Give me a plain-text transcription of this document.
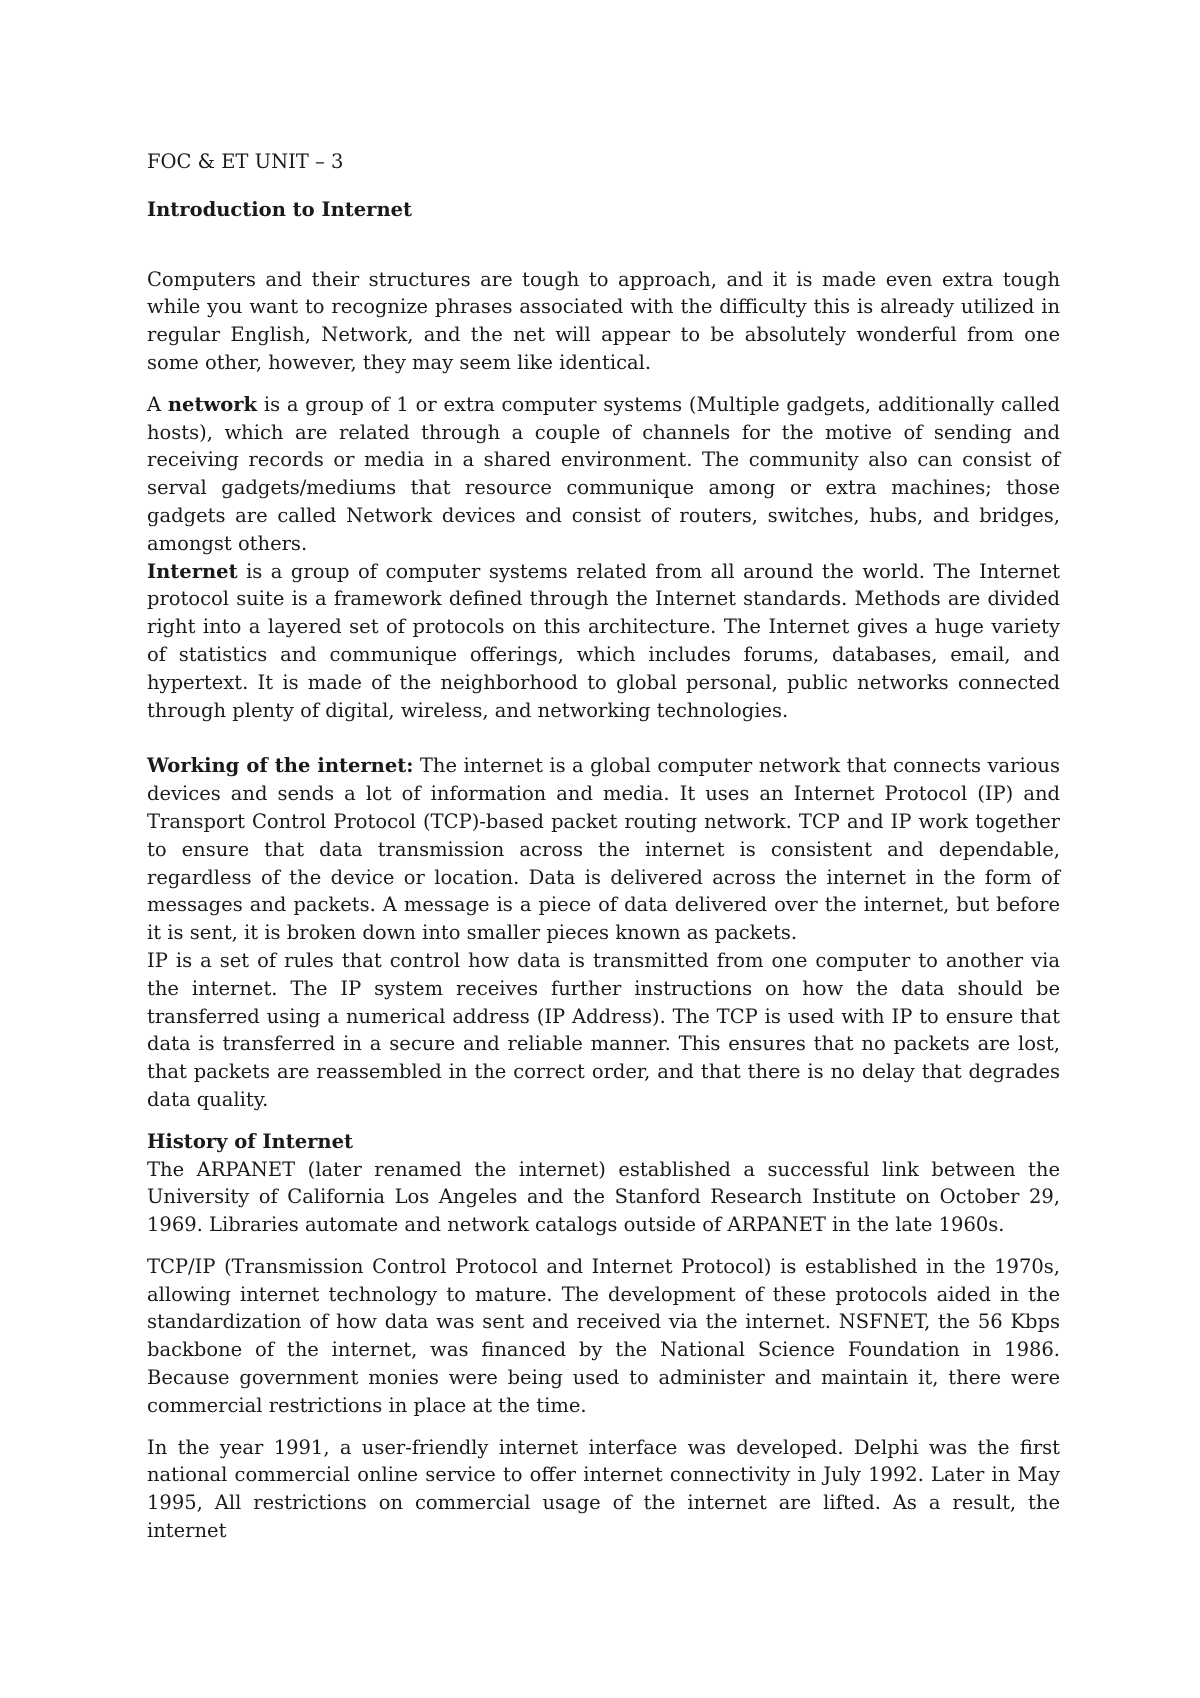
FOC & ET UNIT – 3

Introduction to Internet

Computers and their structures are tough to approach, and it is made even extra tough while you want to recognize phrases associated with the difficulty this is already utilized in regular English, Network, and the net will appear to be absolutely wonderful from one some other, however, they may seem like identical.

A network is a group of 1 or extra computer systems (Multiple gadgets, additionally called hosts), which are related through a couple of channels for the motive of sending and receiving records or media in a shared environment. The community also can consist of serval gadgets/mediums that resource communique among or extra machines; those gadgets are called Network devices and consist of routers, switches, hubs, and bridges, amongst others.

Internet is a group of computer systems related from all around the world. The Internet protocol suite is a framework defined through the Internet standards. Methods are divided right into a layered set of protocols on this architecture. The Internet gives a huge variety of statistics and communique offerings, which includes forums, databases, email, and hypertext. It is made of the neighborhood to global personal, public networks connected through plenty of digital, wireless, and networking technologies.

Working of the internet: The internet is a global computer network that connects various devices and sends a lot of information and media. It uses an Internet Protocol (IP) and Transport Control Protocol (TCP)-based packet routing network. TCP and IP work together to ensure that data transmission across the internet is consistent and dependable, regardless of the device or location. Data is delivered across the internet in the form of messages and packets. A message is a piece of data delivered over the internet, but before it is sent, it is broken down into smaller pieces known as packets.

IP is a set of rules that control how data is transmitted from one computer to another via the internet. The IP system receives further instructions on how the data should be transferred using a numerical address (IP Address). The TCP is used with IP to ensure that data is transferred in a secure and reliable manner. This ensures that no packets are lost, that packets are reassembled in the correct order, and that there is no delay that degrades data quality.

History of Internet

The ARPANET (later renamed the internet) established a successful link between the University of California Los Angeles and the Stanford Research Institute on October 29, 1969. Libraries automate and network catalogs outside of ARPANET in the late 1960s.

TCP/IP (Transmission Control Protocol and Internet Protocol) is established in the 1970s, allowing internet technology to mature. The development of these protocols aided in the standardization of how data was sent and received via the internet. NSFNET, the 56 Kbps backbone of the internet, was financed by the National Science Foundation in 1986. Because government monies were being used to administer and maintain it, there were commercial restrictions in place at the time.

In the year 1991, a user-friendly internet interface was developed. Delphi was the first national commercial online service to offer internet connectivity in July 1992. Later in May 1995, All restrictions on commercial usage of the internet are lifted. As a result, the internet
